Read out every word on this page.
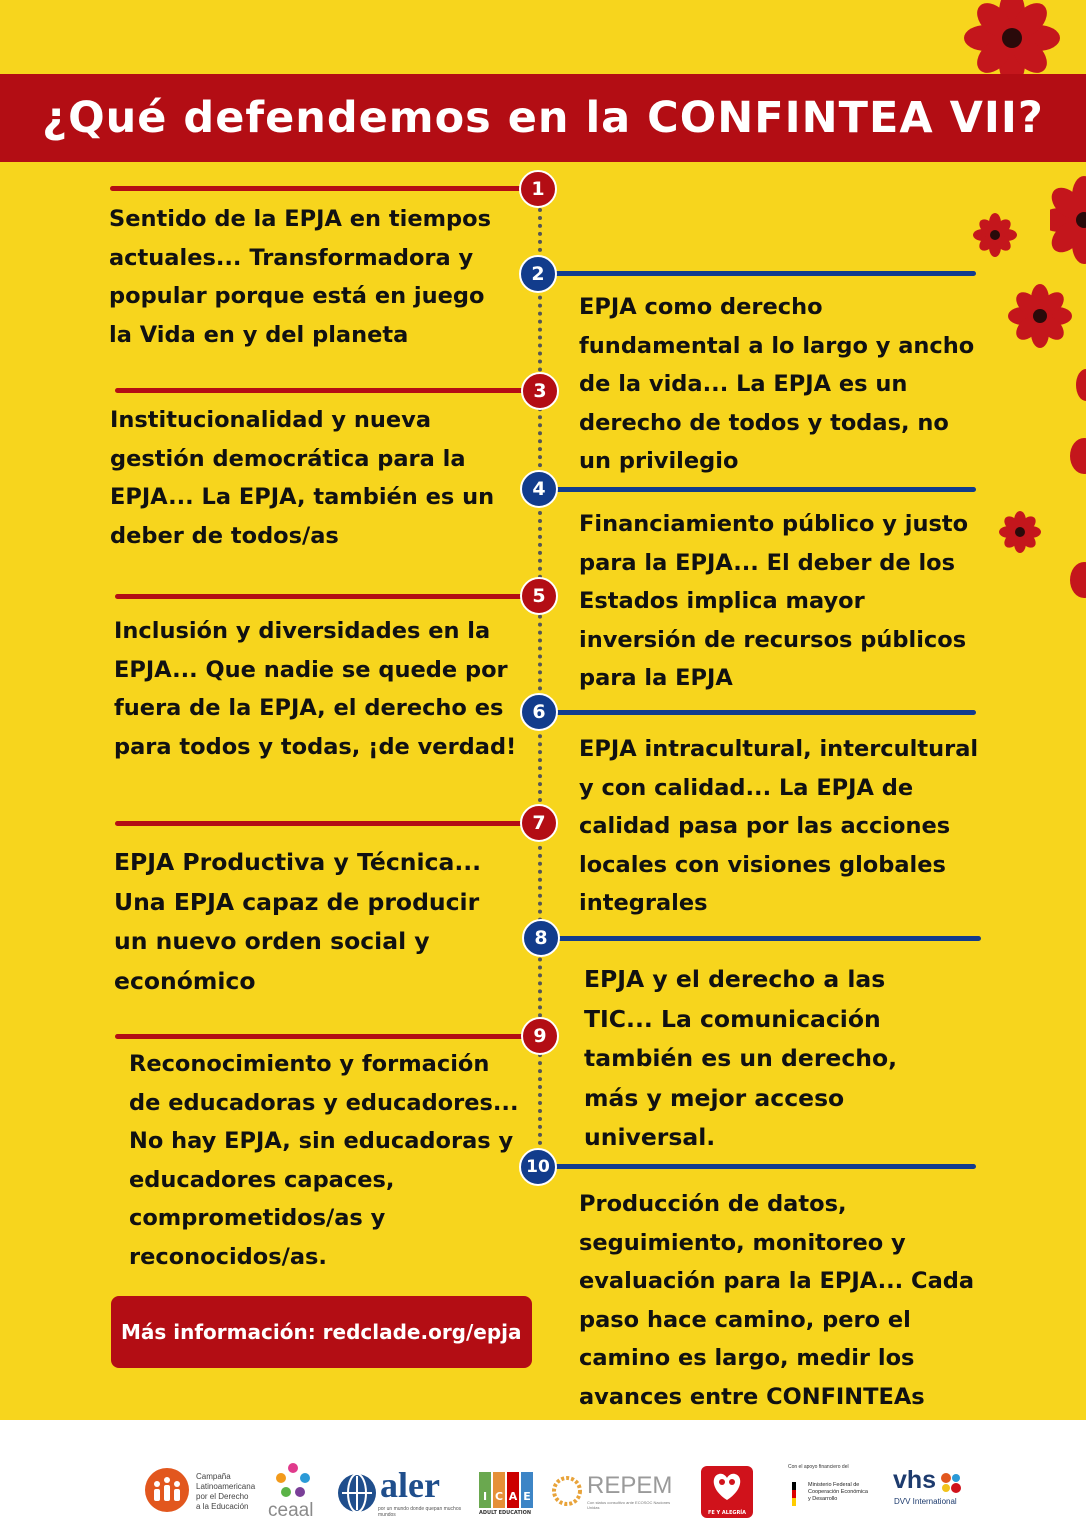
¿Qué defendemos en la CONFINTEA VII?
1
Sentido de la EPJA en tiempos actuales... Transformadora y popular porque está en juego la Vida en y del planeta
2
EPJA como derecho fundamental a lo largo y ancho de la vida... La EPJA es un derecho de todos y todas, no un privilegio
3
Institucionalidad y nueva gestión democrática para la EPJA... La EPJA, también es un deber de todos/as
4
Financiamiento público y justo para la EPJA... El deber de los Estados implica mayor inversión de recursos públicos para la EPJA
5
Inclusión y diversidades en la EPJA... Que nadie se quede por fuera de la EPJA, el derecho es para todos y todas, ¡de verdad!
6
EPJA intracultural, intercultural y con calidad... La EPJA de calidad pasa por las acciones locales con visiones globales integrales
7
EPJA Productiva y Técnica... Una EPJA capaz de producir un nuevo orden social y económico
8
EPJA y el derecho a las TIC... La comunicación también es un derecho, más y mejor acceso universal.
9
Reconocimiento y formación de educadoras y educadores... No hay EPJA, sin educadoras y educadores capaces, comprometidos/as y reconocidos/as.
10
Producción de datos, seguimiento, monitoreo y evaluación para la EPJA... Cada paso hace camino, pero el camino es largo, medir los avances entre CONFINTEAs
Más información: redclade.org/epja
Campaña
Latinoamericana
por el Derecho
a la Educación	ceaal
aler
por un mundo donde quepan muchos mundos
I C A E
ADULT EDUCATION
REPEM
Con status consultivo ante ECOSOC Naciones Unidas
FE Y ALEGRÍA
Con el apoyo financiero del
Ministerio Federal de
Cooperación Económica
y Desarrollo
vhs
DVV International
